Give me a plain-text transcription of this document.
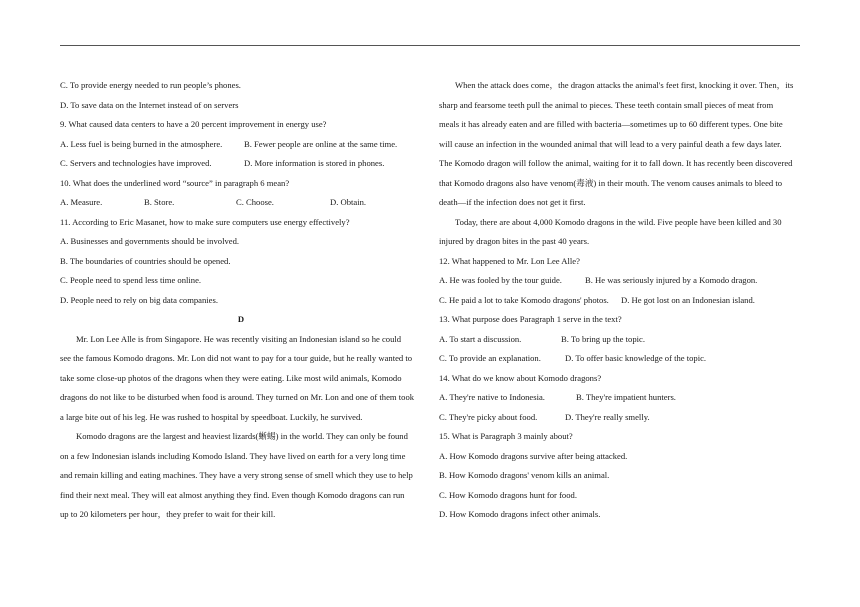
C. To provide energy needed to run people’s phones.
D. To save data on the Internet instead of on servers
9. What caused data centers to have a 20 percent improvement in energy use?
A. Less fuel is being burned in the atmosphere.	B. Fewer people are online at the same time.
C. Servers and technologies have improved.	D. More information is stored in phones.
10. What does the underlined word “source” in paragraph 6 mean?
A. Measure.	B. Store.	C. Choose.	D. Obtain.
11. According to Eric Masanet, how to make sure computers use energy effectively?
A. Businesses and governments should be involved.
B. The boundaries of countries should be opened.
C. People need to spend less time online.
D. People need to rely on big data companies.
D
Mr. Lon Lee Alle is from Singapore. He was recently visiting an Indonesian island so he could
see the famous Komodo dragons. Mr. Lon did not want to pay for a tour guide, but he really wanted to
take some close-up photos of the dragons when they were eating. Like most wild animals, Komodo
dragons do not like to be disturbed when food is around. They turned on Mr. Lon and one of them took
a large bite out of his leg. He was rushed to hospital by speedboat. Luckily, he survived.
Komodo dragons are the largest and heaviest lizards(蜥蜴) in the world. They can only be found
on a few Indonesian islands including Komodo Island. They have lived on earth for a very long time
and remain killing and eating machines. They have a very strong sense of smell which they use to help
find their next meal. They will eat almost anything they find. Even though Komodo dragons can run
up to 20 kilometers per hour，they prefer to wait for their kill.
When the attack does come，the dragon attacks the animal's feet first, knocking it over. Then，its
sharp and fearsome teeth pull the animal to pieces. These teeth contain small pieces of meat from
meals it has already eaten and are filled with bacteria—sometimes up to 60 different types. One bite
will cause an infection in the wounded animal that will lead to a very painful death a few days later.
The Komodo dragon will follow the animal, waiting for it to fall down. It has recently been discovered
that Komodo dragons also have venom(毒液) in their mouth. The venom causes animals to bleed to
death—if the infection does not get it first.
Today, there are about 4,000 Komodo dragons in the wild. Five people have been killed and 30
injured by dragon bites in the past 40 years.
12. What happened to Mr. Lon Lee Alle?
A. He was fooled by the tour guide.	B. He was seriously injured by a Komodo dragon.
C. He paid a lot to take Komodo dragons' photos.	D. He got lost on an Indonesian island.
13. What purpose does Paragraph 1 serve in the text?
A. To start a discussion.	B. To bring up the topic.
C. To provide an explanation.	D. To offer basic knowledge of the topic.
14. What do we know about Komodo dragons?
A. They're native to Indonesia.	B. They're impatient hunters.
C. They're picky about food.	D. They're really smelly.
15. What is Paragraph 3 mainly about?
A. How Komodo dragons survive after being attacked.
B. How Komodo dragons' venom kills an animal.
C. How Komodo dragons hunt for food.
D. How Komodo dragons infect other animals.
